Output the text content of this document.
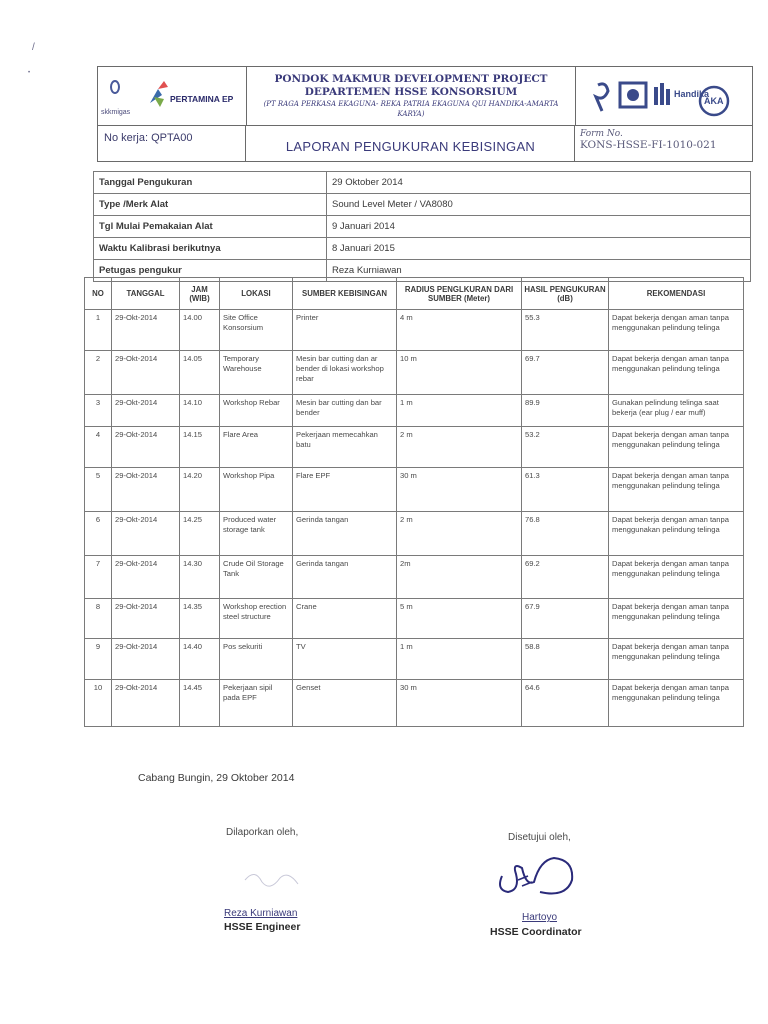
/
•
skkmigas
PERTAMINA EP
PONDOK MAKMUR DEVELOPMENT PROJECT
DEPARTEMEN HSSE KONSORSIUM
(PT RAGA PERKASA EKAGUNA- REKA PATRIA EKAGUNA QUI HANDIKA-AMARTA KARYA)
Handika
AKA
No kerja: QPTA00
LAPORAN PENGUKURAN KEBISINGAN
Form No.
KONS-HSSE-FI-1010-021
Tanggal Pengukuran	29 Oktober 2014
Type /Merk Alat	Sound Level Meter / VA8080
Tgl Mulai Pemakaian Alat	9 Januari 2014
Waktu Kalibrasi berikutnya	8 Januari 2015
Petugas pengukur	Reza Kurniawan
NO	TANGGAL	JAM (WIB)	LOKASI	SUMBER KEBISINGAN	RADIUS PENGLKURAN DARI SUMBER (Meter)	HASIL PENGUKURAN (dB)	REKOMENDASI
1	29-Okt-2014	14.00	Site Office Konsorsium	Printer	4 m	55.3	Dapat bekerja dengan aman tanpa menggunakan pelindung telinga
2	29-Okt-2014	14.05	Temporary Warehouse	Mesin bar cutting dan ar bender di lokasi workshop rebar	10 m	69.7	Dapat bekerja dengan aman tanpa menggunakan pelindung telinga
3	29-Okt-2014	14.10	Workshop Rebar	Mesin bar cutting dan bar bender	1 m	89.9	Gunakan pelindung telinga saat bekerja (ear plug / ear muff)
4	29-Okt-2014	14.15	Flare Area	Pekerjaan memecahkan batu	2 m	53.2	Dapat bekerja dengan aman tanpa menggunakan pelindung telinga
5	29-Okt-2014	14.20	Workshop Pipa	Flare EPF	30 m	61.3	Dapat bekerja dengan aman tanpa menggunakan pelindung telinga
6	29-Okt-2014	14.25	Produced water storage tank	Gerinda tangan	2 m	76.8	Dapat bekerja dengan aman tanpa menggunakan pelindung telinga
7	29-Okt-2014	14.30	Crude Oil Storage Tank	Gerinda tangan	2m	69.2	Dapat bekerja dengan aman tanpa menggunakan pelindung telinga
8	29-Okt-2014	14.35	Workshop erection steel structure	Crane	5 m	67.9	Dapat bekerja dengan aman tanpa menggunakan pelindung telinga
9	29-Okt-2014	14.40	Pos sekuriti	TV	1 m	58.8	Dapat bekerja dengan aman tanpa menggunakan pelindung telinga
10	29-Okt-2014	14.45	Pekerjaan sipil pada EPF	Genset	30 m	64.6	Dapat bekerja dengan aman tanpa menggunakan pelindung telinga
Cabang Bungin, 29 Oktober 2014
Dilaporkan oleh,
Reza Kurniawan
HSSE Engineer
Disetujui oleh,
Hartoyo
HSSE Coordinator
